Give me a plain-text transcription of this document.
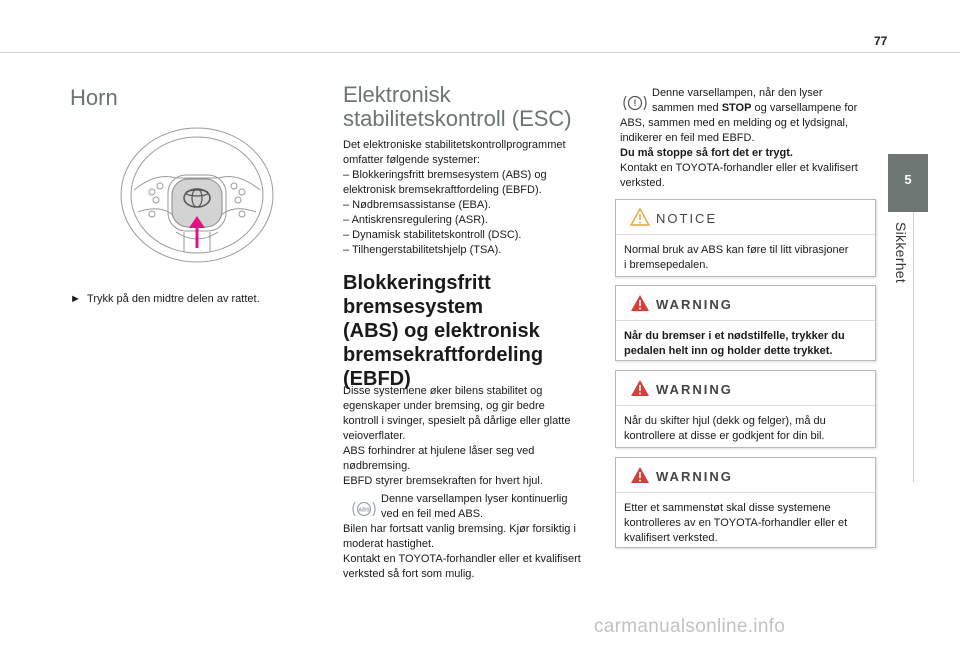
77
5
Sikkerhet
Horn
► Trykk på den midtre delen av rattet.
Elektronisk
stabilitetskontroll (ESC)
Det elektroniske stabilitetskontrollprogrammet
omfatter følgende systemer:
– Blokkeringsfritt bremsesystem (ABS) og
elektronisk bremsekraftfordeling (EBFD).
– Nødbremsassistanse (EBA).
– Antiskrensregulering (ASR).
– Dynamisk stabilitetskontroll (DSC).
– Tilhengerstabilitetshjelp (TSA).
Blokkeringsfritt
bremsesystem
(ABS) og elektronisk
bremsekraftfordeling
(EBFD)
Disse systemene øker bilens stabilitet og
egenskaper under bremsing, og gir bedre
kontroll i svinger, spesielt på dårlige eller glatte
veioverflater.
ABS forhindrer at hjulene låser seg ved
nødbremsing.
EBFD styrer bremsekraften for hvert hjul.
ABS
Denne varsellampen lyser kontinuerlig
ved en feil med ABS.
Bilen har fortsatt vanlig bremsing. Kjør forsiktig i
moderat hastighet.
Kontakt en TOYOTA-forhandler eller et kvalifisert
verksted så fort som mulig.
!
Denne varsellampen, når den lyser
sammen med STOP og varsellampene for
ABS, sammen med en melding og et lydsignal,
indikerer en feil med EBFD.
Du må stoppe så fort det er trygt.
Kontakt en TOYOTA-forhandler eller et kvalifisert
verksted.
NOTICE
Normal bruk av ABS kan føre til litt vibrasjoner
i bremsepedalen.
WARNING
Når du bremser i et nødstilfelle, trykker du
pedalen helt inn og holder dette trykket.
WARNING
Når du skifter hjul (dekk og felger), må du
kontrollere at disse er godkjent for din bil.
WARNING
Etter et sammenstøt skal disse systemene
kontrolleres av en TOYOTA-forhandler eller et
kvalifisert verksted.
carmanualsonline.info
